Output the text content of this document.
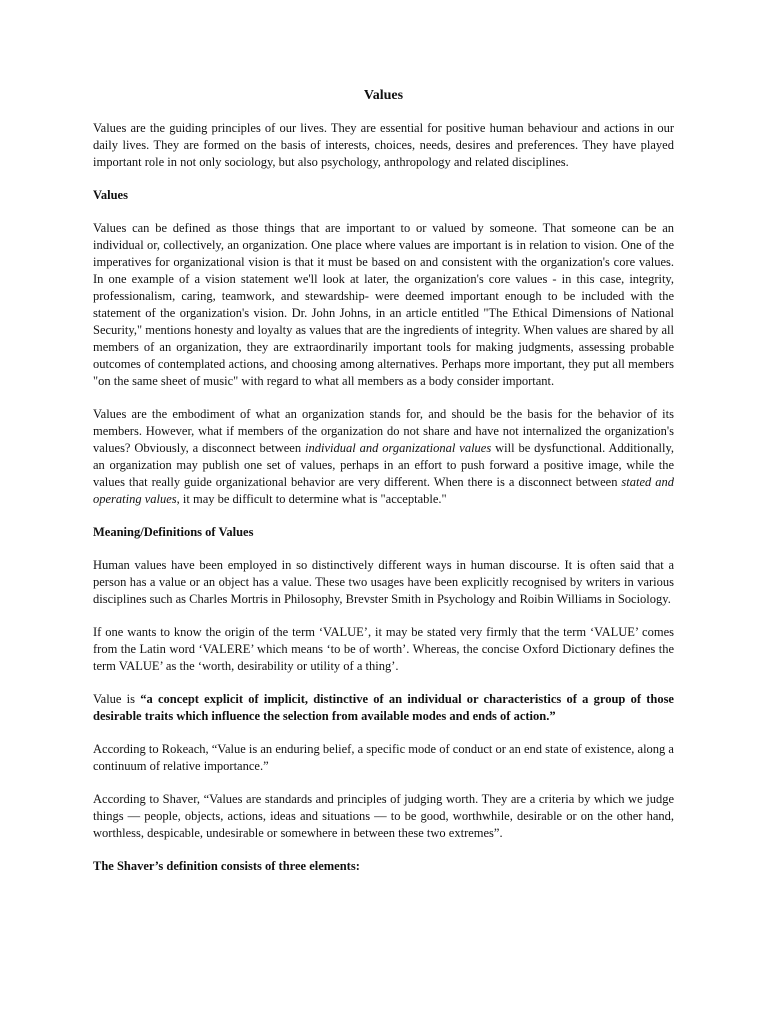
Values

Values are the guiding principles of our lives. They are essential for positive human behaviour and actions in our daily lives. They are formed on the basis of interests, choices, needs, desires and preferences. They have played important role in not only sociology, but also psychology, anthropology and related disciplines.

Values

Values can be defined as those things that are important to or valued by someone. That someone can be an individual or, collectively, an organization. One place where values are important is in relation to vision. One of the imperatives for organizational vision is that it must be based on and consistent with the organization's core values. In one example of a vision statement we'll look at later, the organization's core values - in this case, integrity, professionalism, caring, teamwork, and stewardship- were deemed important enough to be included with the statement of the organization's vision. Dr. John Johns, in an article entitled "The Ethical Dimensions of National Security," mentions honesty and loyalty as values that are the ingredients of integrity. When values are shared by all members of an organization, they are extraordinarily important tools for making judgments, assessing probable outcomes of contemplated actions, and choosing among alternatives. Perhaps more important, they put all members "on the same sheet of music" with regard to what all members as a body consider important.

Values are the embodiment of what an organization stands for, and should be the basis for the behavior of its members. However, what if members of the organization do not share and have not internalized the organization's values? Obviously, a disconnect between individual and organizational values will be dysfunctional. Additionally, an organization may publish one set of values, perhaps in an effort to push forward a positive image, while the values that really guide organizational behavior are very different. When there is a disconnect between stated and operating values, it may be difficult to determine what is "acceptable."

Meaning/Definitions of Values

Human values have been employed in so distinctively different ways in human discourse. It is often said that a person has a value or an object has a value. These two usages have been explicitly recognised by writers in various disciplines such as Charles Mortris in Philosophy, Brevster Smith in Psychology and Roibin Williams in Sociology.

If one wants to know the origin of the term ‘VALUE’, it may be stated very firmly that the term ‘VALUE’ comes from the Latin word ‘VALERE’ which means ‘to be of worth’. Whereas, the concise Oxford Dictionary defines the term VALUE’ as the ‘worth, desirability or utility of a thing’.

Value is “a concept explicit of implicit, distinctive of an individual or characteristics of a group of those desirable traits which influence the selection from available modes and ends of action.”

According to Rokeach, “Value is an enduring belief, a specific mode of conduct or an end state of existence, along a continuum of relative importance.”

According to Shaver, “Values are standards and principles of judging worth. They are a criteria by which we judge things — people, objects, actions, ideas and situations — to be good, worthwhile, desirable or on the other hand, worthless, despicable, undesirable or somewhere in between these two extremes”.

The Shaver’s definition consists of three elements:
